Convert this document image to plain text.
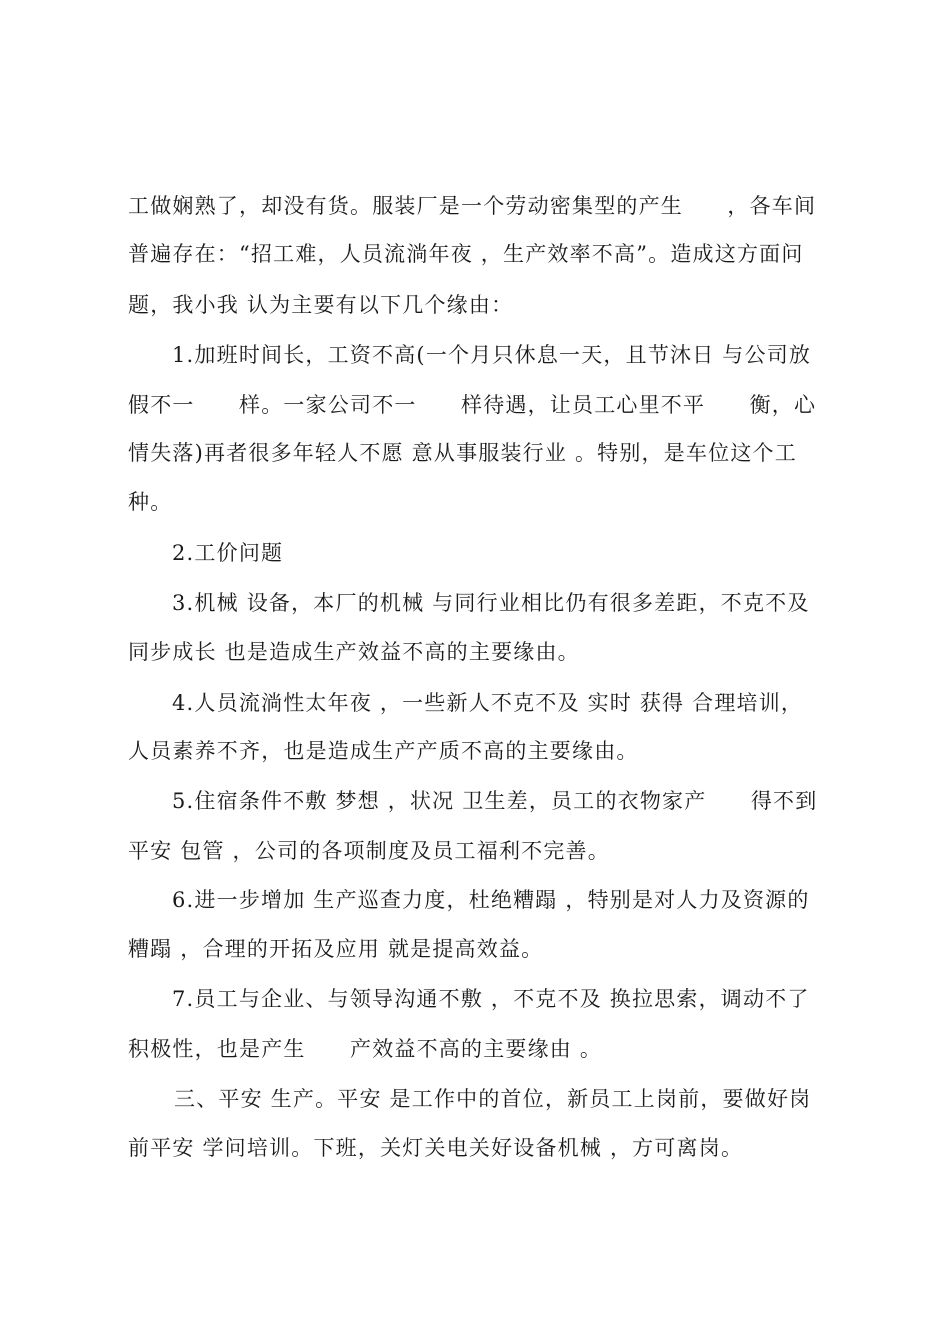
工做娴熟了，却没有货。服装厂是一个劳动密集型的产生　　，各车间
普遍存在：“招工难，人员流淌年夜 ，生产效率不高”。造成这方面问
题，我小我 认为主要有以下几个缘由：
1.加班时间长，工资不高(一个月只休息一天，且节沐日 与公司放
假不一　　样。一家公司不一　　样待遇，让员工心里不平　　衡，心
情失落)再者很多年轻人不愿 意从事服装行业 。特别，是车位这个工
种。
2.工价问题
3.机械 设备，本厂的机械 与同行业相比仍有很多差距，不克不及
同步成长 也是造成生产效益不高的主要缘由。
4.人员流淌性太年夜 ，一些新人不克不及 实时 获得 合理培训，
人员素养不齐，也是造成生产产质不高的主要缘由。
5.住宿条件不敷 梦想 ，状况 卫生差，员工的衣物家产　　得不到
平安 包管 ，公司的各项制度及员工福利不完善。
6.进一步增加 生产巡查力度，杜绝糟蹋 ，特别是对人力及资源的
糟蹋 ，合理的开拓及应用 就是提高效益。
7.员工与企业、与领导沟通不敷 ，不克不及 换拉思索，调动不了
积极性，也是产生　　产效益不高的主要缘由 。
三、平安 生产。平安 是工作中的首位，新员工上岗前，要做好岗
前平安 学问培训。下班，关灯关电关好设备机械 ，方可离岗。
